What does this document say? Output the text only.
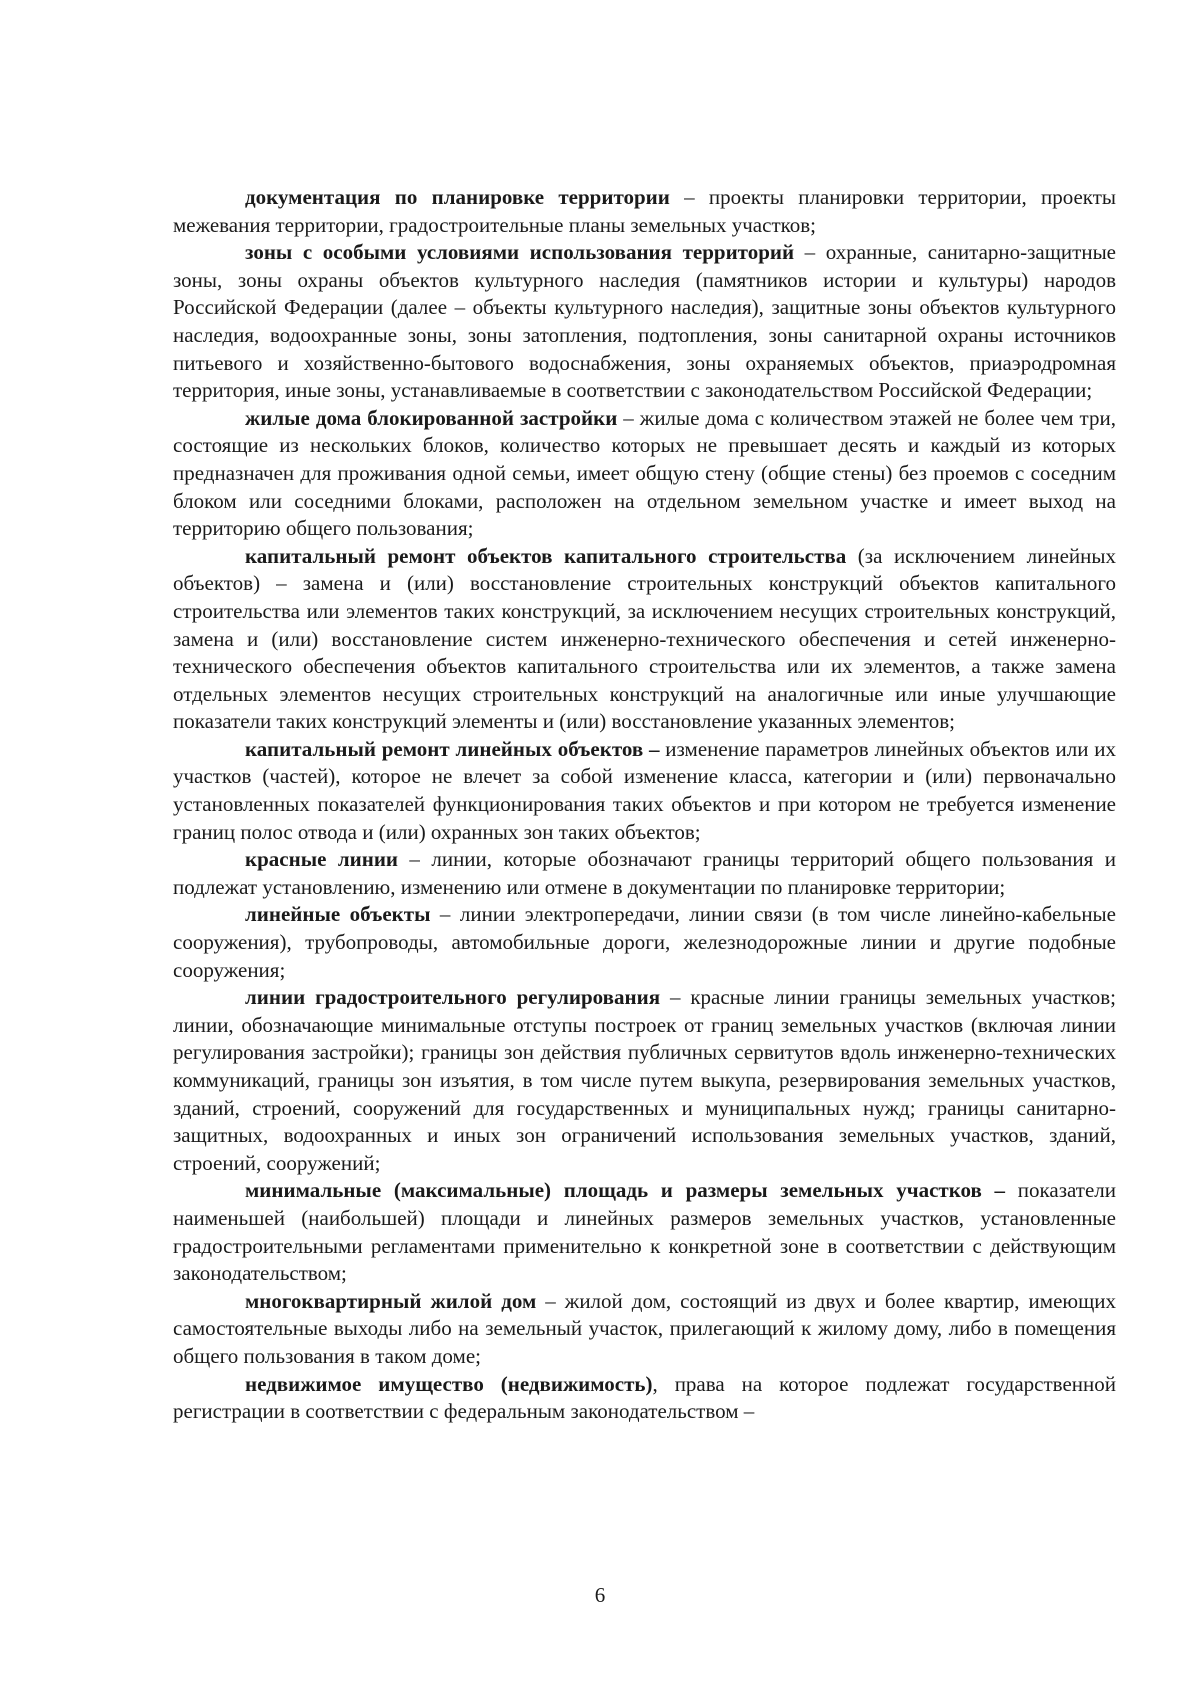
документация по планировке территории – проекты планировки территории, проекты межевания территории, градостроительные планы земельных участков;

зоны с особыми условиями использования территорий – охранные, санитарно-защитные зоны, зоны охраны объектов культурного наследия (памятников истории и культуры) народов Российской Федерации (далее – объекты культурного наследия), защитные зоны объектов культурного наследия, водоохранные зоны, зоны затопления, подтопления, зоны санитарной охраны источников питьевого и хозяйственно-бытового водоснабжения, зоны охраняемых объектов, приаэродромная территория, иные зоны, устанавливаемые в соответствии с законодательством Российской Федерации;

жилые дома блокированной застройки – жилые дома с количеством этажей не более чем три, состоящие из нескольких блоков, количество которых не превышает десять и каждый из которых предназначен для проживания одной семьи, имеет общую стену (общие стены) без проемов с соседним блоком или соседними блоками, расположен на отдельном земельном участке и имеет выход на территорию общего пользования;

капитальный ремонт объектов капитального строительства (за исключением линейных объектов) – замена и (или) восстановление строительных конструкций объектов капитального строительства или элементов таких конструкций, за исключением несущих строительных конструкций, замена и (или) восстановление систем инженерно-технического обеспечения и сетей инженерно-технического обеспечения объектов капитального строительства или их элементов, а также замена отдельных элементов несущих строительных конструкций на аналогичные или иные улучшающие показатели таких конструкций элементы и (или) восстановление указанных элементов;

капитальный ремонт линейных объектов – изменение параметров линейных объектов или их участков (частей), которое не влечет за собой изменение класса, категории и (или) первоначально установленных показателей функционирования таких объектов и при котором не требуется изменение границ полос отвода и (или) охранных зон таких объектов;

красные линии – линии, которые обозначают границы территорий общего пользования и подлежат установлению, изменению или отмене в документации по планировке территории;

линейные объекты – линии электропередачи, линии связи (в том числе линейно-кабельные сооружения), трубопроводы, автомобильные дороги, железнодорожные линии и другие подобные сооружения;

линии градостроительного регулирования – красные линии границы земельных участков; линии, обозначающие минимальные отступы построек от границ земельных участков (включая линии регулирования застройки); границы зон действия публичных сервитутов вдоль инженерно-технических коммуникаций, границы зон изъятия, в том числе путем выкупа, резервирования земельных участков, зданий, строений, сооружений для государственных и муниципальных нужд; границы санитарно-защитных, водоохранных и иных зон ограничений использования земельных участков, зданий, строений, сооружений;

минимальные (максимальные) площадь и размеры земельных участков – показатели наименьшей (наибольшей) площади и линейных размеров земельных участков, установленные градостроительными регламентами применительно к конкретной зоне в соответствии с действующим законодательством;

многоквартирный жилой дом – жилой дом, состоящий из двух и более квартир, имеющих самостоятельные выходы либо на земельный участок, прилегающий к жилому дому, либо в помещения общего пользования в таком доме;

недвижимое имущество (недвижимость), права на которое подлежат государственной регистрации в соответствии с федеральным законодательством –

6
